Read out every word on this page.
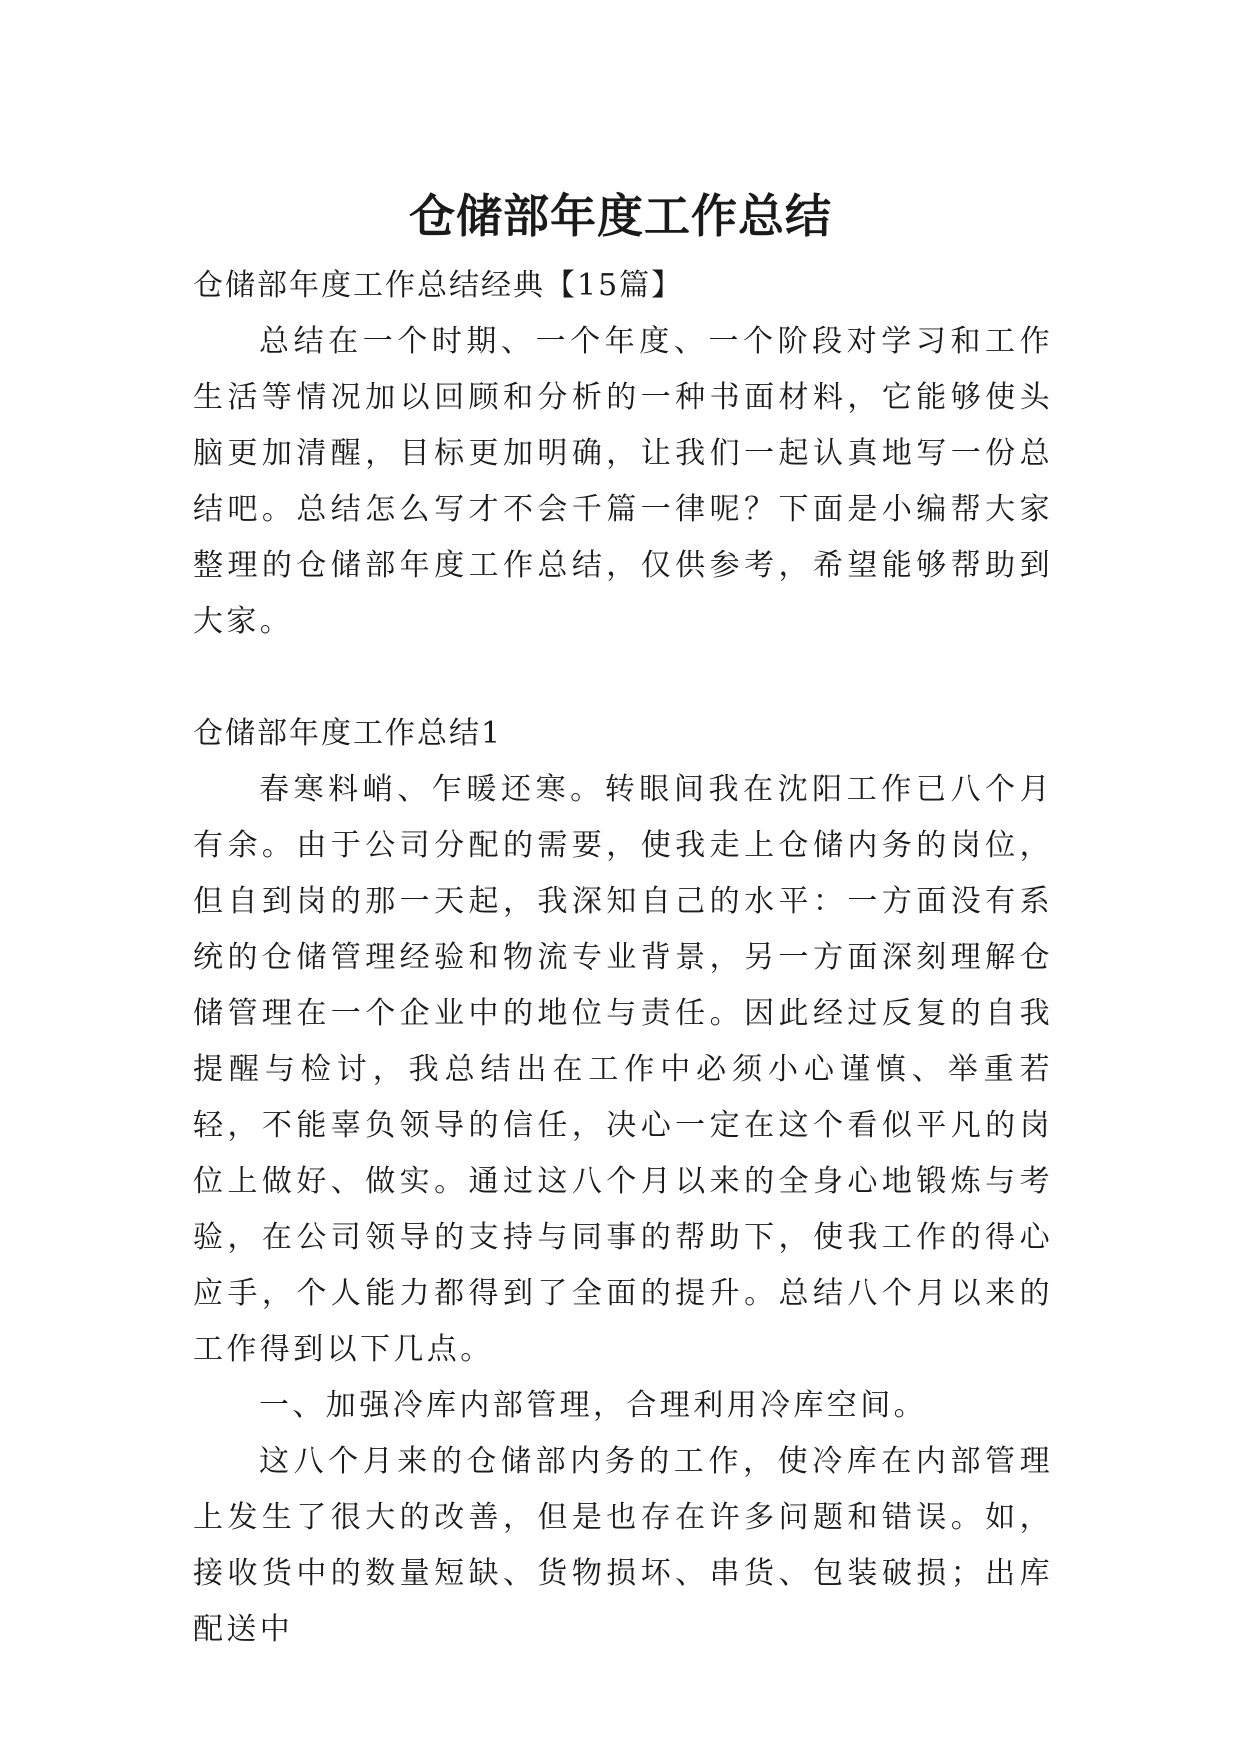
仓储部年度工作总结

仓储部年度工作总结经典【15篇】

总结在一个时期、一个年度、一个阶段对学习和工作生活等情况加以回顾和分析的一种书面材料，它能够使头脑更加清醒，目标更加明确，让我们一起认真地写一份总结吧。总结怎么写才不会千篇一律呢？下面是小编帮大家整理的仓储部年度工作总结，仅供参考，希望能够帮助到大家。

仓储部年度工作总结1

春寒料峭、乍暖还寒。转眼间我在沈阳工作已八个月有余。由于公司分配的需要，使我走上仓储内务的岗位，但自到岗的那一天起，我深知自己的水平：一方面没有系统的仓储管理经验和物流专业背景，另一方面深刻理解仓储管理在一个企业中的地位与责任。因此经过反复的自我提醒与检讨，我总结出在工作中必须小心谨慎、举重若轻，不能辜负领导的信任，决心一定在这个看似平凡的岗位上做好、做实。通过这八个月以来的全身心地锻炼与考验，在公司领导的支持与同事的帮助下，使我工作的得心应手，个人能力都得到了全面的提升。总结八个月以来的工作得到以下几点。

一、加强冷库内部管理，合理利用冷库空间。

这八个月来的仓储部内务的工作，使冷库在内部管理上发生了很大的改善，但是也存在许多问题和错误。如，接收货中的数量短缺、货物损坏、串货、包装破损；出库配送中
